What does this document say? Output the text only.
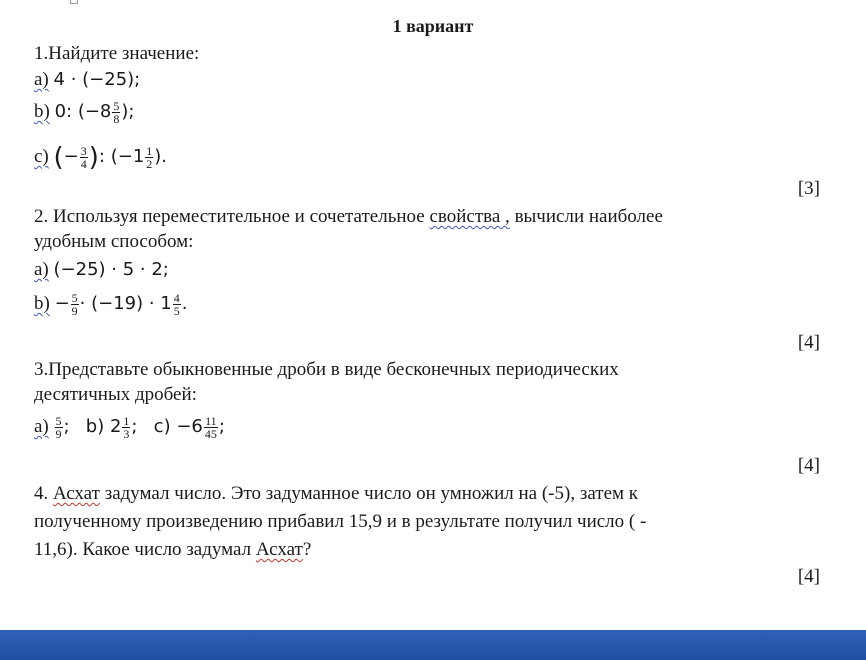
1 вариант
1.Найдите значение:
a) 4 · (−25);
b) 0: ($-8 \frac{5}{8}$ );
c) (− $\frac{3}{4}$ ): ($-1 \frac{1}{2}$ ).
[3]
2. Используя переместительное и сочетательное свойства , вычисли наиболее
удобным способом:
a) (−25) · 5 · 2;
$b) - \frac{5}{9} \cdot (-19) \cdot 1 \frac{4}{5}$ .
[4]
3.Представьте обыкновенные дроби в виде бесконечных периодических
десятичных дробей:
$a) \frac{5}{9}$ ;   b) $2 \frac{1}{3}$ ;   $c) -6 \frac{11}{45}$ ;
[4]
4. Асхат задумал число. Это задуманное число он умножил на (-5), затем к
полученному произведению прибавил 15,9 и в результате получил число ( -
11,6). Какое число задумал Асхат?
[4]
